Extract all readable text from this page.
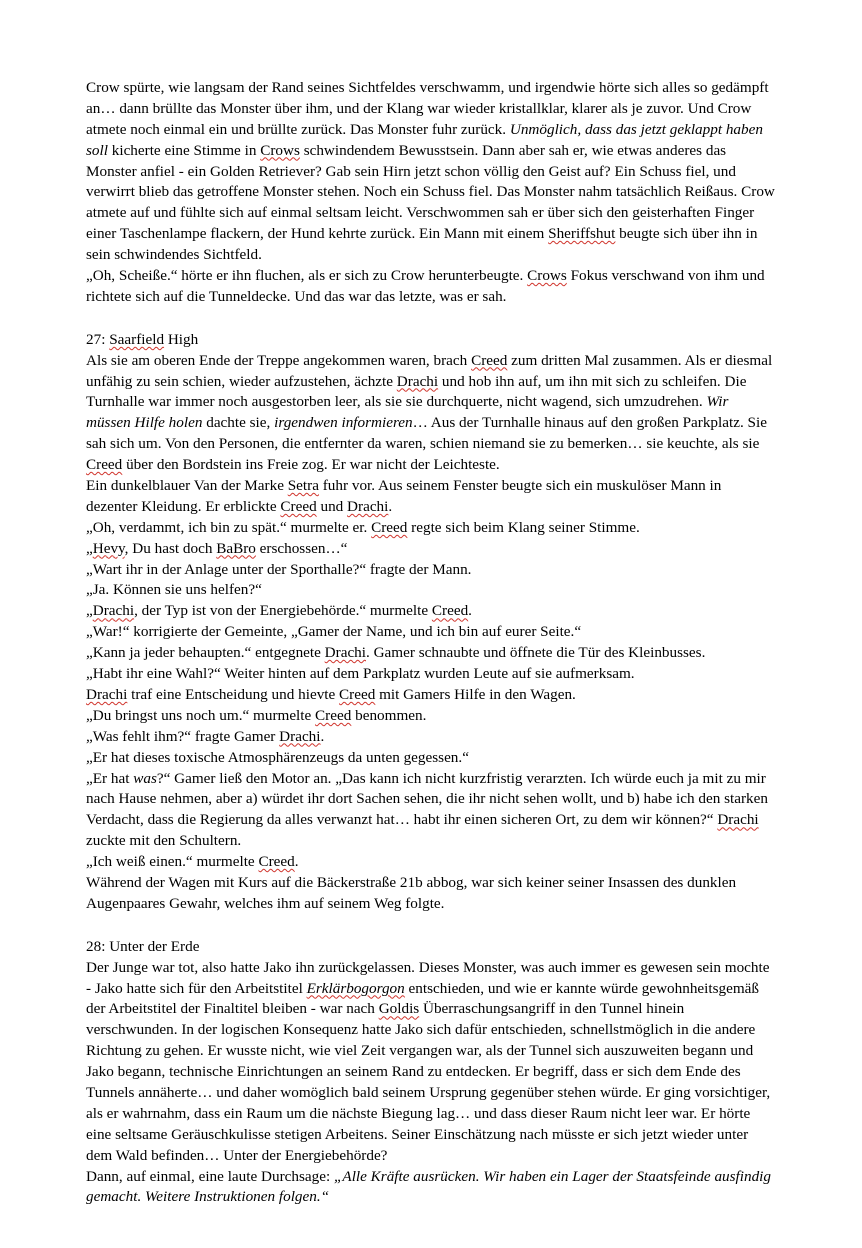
Crow spürte, wie langsam der Rand seines Sichtfeldes verschwamm, und irgendwie hörte sich alles so gedämpft an… dann brüllte das Monster über ihm, und der Klang war wieder kristallklar, klarer als je zuvor. Und Crow atmete noch einmal ein und brüllte zurück. Das Monster fuhr zurück. Unmöglich, dass das jetzt geklappt haben soll kicherte eine Stimme in Crows schwindendem Bewusstsein. Dann aber sah er, wie etwas anderes das Monster anfiel - ein Golden Retriever? Gab sein Hirn jetzt schon völlig den Geist auf? Ein Schuss fiel, und verwirrt blieb das getroffene Monster stehen. Noch ein Schuss fiel. Das Monster nahm tatsächlich Reißaus. Crow atmete auf und fühlte sich auf einmal seltsam leicht. Verschwommen sah er über sich den geisterhaften Finger einer Taschenlampe flackern, der Hund kehrte zurück. Ein Mann mit einem Sheriffshut beugte sich über ihn in sein schwindendes Sichtfeld.

„Oh, Scheiße.“ hörte er ihn fluchen, als er sich zu Crow herunterbeugte. Crows Fokus verschwand von ihm und richtete sich auf die Tunneldecke. Und das war das letzte, was er sah.

27: Saarfield High

Als sie am oberen Ende der Treppe angekommen waren, brach Creed zum dritten Mal zusammen. Als er diesmal unfähig zu sein schien, wieder aufzustehen, ächzte Drachi und hob ihn auf, um ihn mit sich zu schleifen. Die Turnhalle war immer noch ausgestorben leer, als sie sie durchquerte, nicht wagend, sich umzudrehen. Wir müssen Hilfe holen dachte sie, irgendwen informieren… Aus der Turnhalle hinaus auf den großen Parkplatz. Sie sah sich um. Von den Personen, die entfernter da waren, schien niemand sie zu bemerken… sie keuchte, als sie Creed über den Bordstein ins Freie zog. Er war nicht der Leichteste.

Ein dunkelblauer Van der Marke Setra fuhr vor. Aus seinem Fenster beugte sich ein muskulöser Mann in dezenter Kleidung. Er erblickte Creed und Drachi.

„Oh, verdammt, ich bin zu spät.“ murmelte er. Creed regte sich beim Klang seiner Stimme.

„Hevy, Du hast doch BaBro erschossen…“

„Wart ihr in der Anlage unter der Sporthalle?“ fragte der Mann.

„Ja. Können sie uns helfen?“

„Drachi, der Typ ist von der Energiebehörde.“ murmelte Creed.

„War!“ korrigierte der Gemeinte, „Gamer der Name, und ich bin auf eurer Seite.“

„Kann ja jeder behaupten.“ entgegnete Drachi. Gamer schnaubte und öffnete die Tür des Kleinbusses.

„Habt ihr eine Wahl?“ Weiter hinten auf dem Parkplatz wurden Leute auf sie aufmerksam.

Drachi traf eine Entscheidung und hievte Creed mit Gamers Hilfe in den Wagen.

„Du bringst uns noch um.“ murmelte Creed benommen.

„Was fehlt ihm?“ fragte Gamer Drachi.

„Er hat dieses toxische Atmosphärenzeugs da unten gegessen.“

„Er hat was?“ Gamer ließ den Motor an. „Das kann ich nicht kurzfristig verarzten. Ich würde euch ja mit zu mir nach Hause nehmen, aber a) würdet ihr dort Sachen sehen, die ihr nicht sehen wollt, und b) habe ich den starken Verdacht, dass die Regierung da alles verwanzt hat… habt ihr einen sicheren Ort, zu dem wir können?“ Drachi zuckte mit den Schultern.

„Ich weiß einen.“ murmelte Creed.

Während der Wagen mit Kurs auf die Bäckerstraße 21b abbog, war sich keiner seiner Insassen des dunklen Augenpaares Gewahr, welches ihm auf seinem Weg folgte.

28: Unter der Erde

Der Junge war tot, also hatte Jako ihn zurückgelassen. Dieses Monster, was auch immer es gewesen sein mochte - Jako hatte sich für den Arbeitstitel Erklärbogorgon entschieden, und wie er kannte würde gewohnheitsgemäß der Arbeitstitel der Finaltitel bleiben - war nach Goldis Überraschungsangriff in den Tunnel hinein verschwunden. In der logischen Konsequenz hatte Jako sich dafür entschieden, schnellstmöglich in die andere Richtung zu gehen. Er wusste nicht, wie viel Zeit vergangen war, als der Tunnel sich auszuweiten begann und Jako begann, technische Einrichtungen an seinem Rand zu entdecken. Er begriff, dass er sich dem Ende des Tunnels annäherte… und daher womöglich bald seinem Ursprung gegenüber stehen würde. Er ging vorsichtiger, als er wahrnahm, dass ein Raum um die nächste Biegung lag… und dass dieser Raum nicht leer war. Er hörte eine seltsame Geräuschkulisse stetigen Arbeitens. Seiner Einschätzung nach müsste er sich jetzt wieder unter dem Wald befinden… Unter der Energiebehörde?

Dann, auf einmal, eine laute Durchsage: „Alle Kräfte ausrücken. Wir haben ein Lager der Staatsfeinde ausfindig gemacht. Weitere Instruktionen folgen.“
